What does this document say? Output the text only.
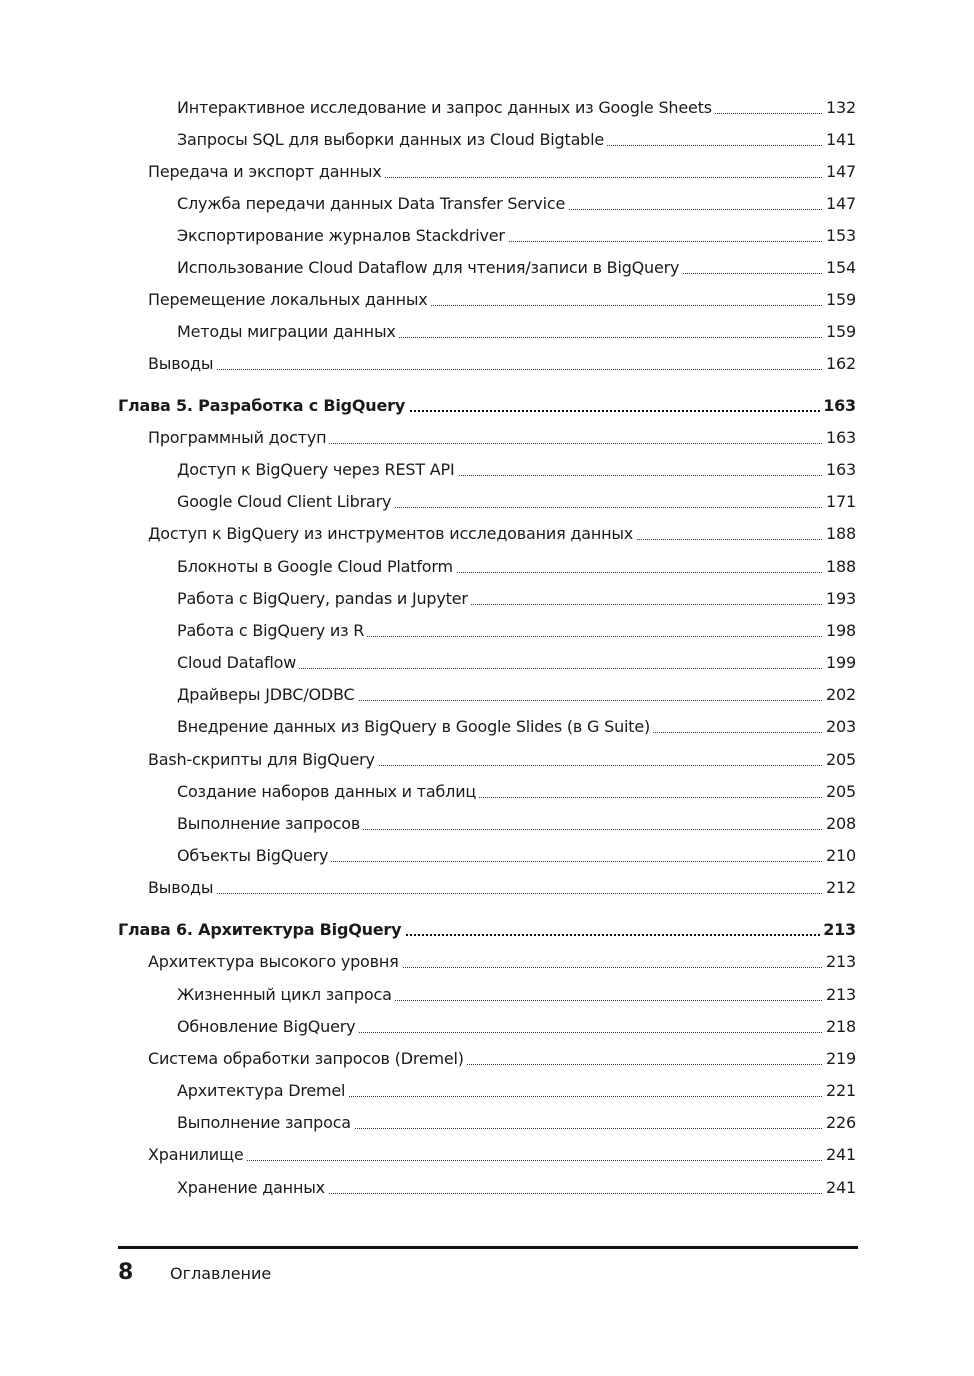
Интерактивное исследование и запрос данных из Google Sheets	132
Запросы SQL для выборки данных из Cloud Bigtable	141
Передача и экспорт данных	147
Служба передачи данных Data Transfer Service	147
Экспортирование журналов Stackdriver	153
Использование Cloud Dataflow для чтения/записи в BigQuery	154
Перемещение локальных данных	159
Методы миграции данных	159
Выводы	162
Глава 5. Разработка с BigQuery	163
Программный доступ	163
Доступ к BigQuery через REST API	163
Google Cloud Client Library	171
Доступ к BigQuery из инструментов исследования данных	188
Блокноты в Google Cloud Platform	188
Работа с BigQuery, pandas и Jupyter	193
Работа с BigQuery из R	198
Cloud Dataflow	199
Драйверы JDBC/ODBC	202
Внедрение данных из BigQuery в Google Slides (в G Suite)	203
Bash-скрипты для BigQuery	205
Создание наборов данных и таблиц	205
Выполнение запросов	208
Объекты BigQuery	210
Выводы	212
Глава 6. Архитектура BigQuery	213
Архитектура высокого уровня	213
Жизненный цикл запроса	213
Обновление BigQuery	218
Система обработки запросов (Dremel)	219
Архитектура Dremel	221
Выполнение запроса	226
Хранилище	241
Хранение данных	241
8 Оглавление
